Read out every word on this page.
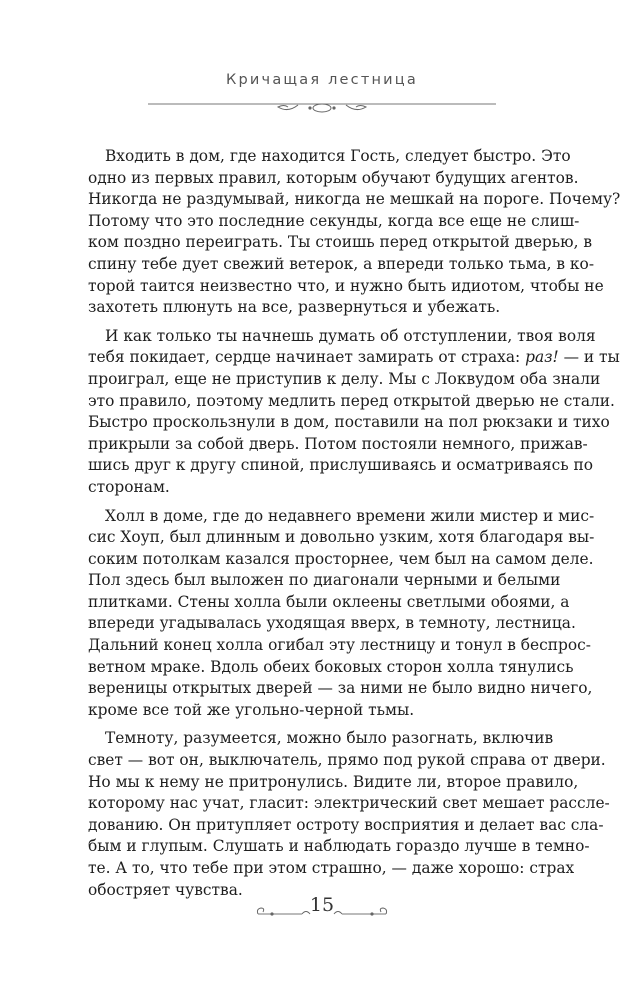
Кричащая лестница

Входить в дом, где находится Гость, следует быстро. Это
одно из первых правил, которым обучают будущих агентов.
Никогда не раздумывай, никогда не мешкай на пороге. Почему?
Потому что это последние секунды, когда все еще не слиш-
ком поздно переиграть. Ты стоишь перед открытой дверью, в
спину тебе дует свежий ветерок, а впереди только тьма, в ко-
торой таится неизвестно что, и нужно быть идиотом, чтобы не
захотеть плюнуть на все, развернуться и убежать.

И как только ты начнешь думать об отступлении, твоя воля
тебя покидает, сердце начинает замирать от страха: раз! — и ты
проиграл, еще не приступив к делу. Мы с Локвудом оба знали
это правило, поэтому медлить перед открытой дверью не стали.
Быстро проскользнули в дом, поставили на пол рюкзаки и тихо
прикрыли за собой дверь. Потом постояли немного, прижав-
шись друг к другу спиной, прислушиваясь и осматриваясь по
сторонам.

Холл в доме, где до недавнего времени жили мистер и мис-
сис Хоуп, был длинным и довольно узким, хотя благодаря вы-
соким потолкам казался просторнее, чем был на самом деле.
Пол здесь был выложен по диагонали черными и белыми
плитками. Стены холла были оклеены светлыми обоями, а
впереди угадывалась уходящая вверх, в темноту, лестница.
Дальний конец холла огибал эту лестницу и тонул в беспрос-
ветном мраке. Вдоль обеих боковых сторон холла тянулись
вереницы открытых дверей — за ними не было видно ничего,
кроме все той же угольно-черной тьмы.

Темноту, разумеется, можно было разогнать, включив
свет — вот он, выключатель, прямо под рукой справа от двери.
Но мы к нему не притронулись. Видите ли, второе правило,
которому нас учат, гласит: электрический свет мешает рассле-
дованию. Он притупляет остроту восприятия и делает вас сла-
бым и глупым. Слушать и наблюдать гораздо лучше в темно-
те. А то, что тебе при этом страшно, — даже хорошо: страх
обостряет чувства.

15
